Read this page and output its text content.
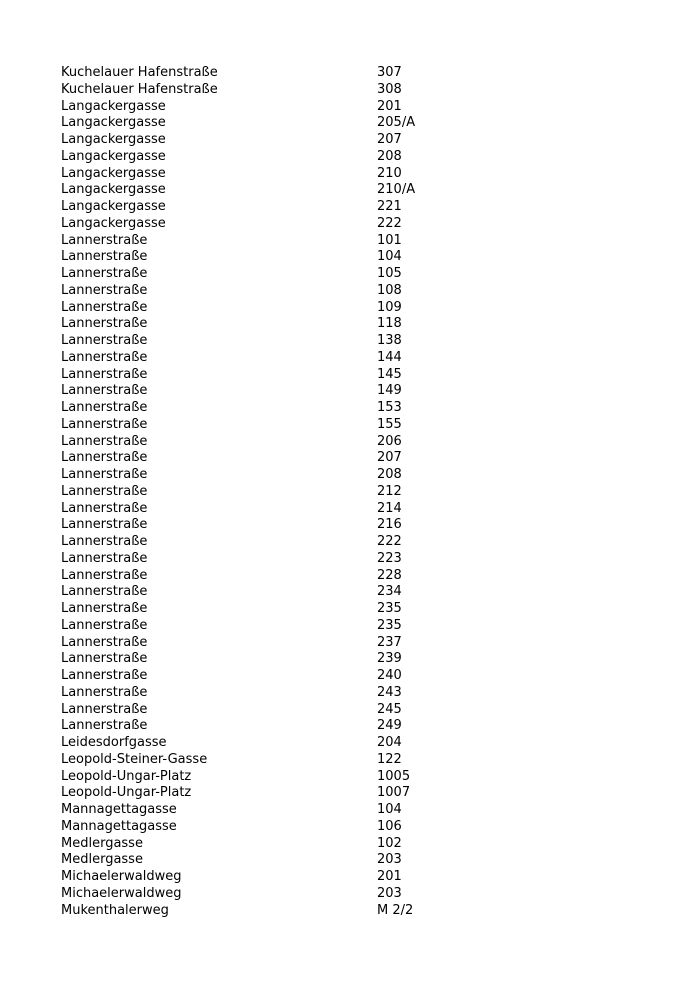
Kuchelauer Hafenstraße	307
Kuchelauer Hafenstraße	308
Langackergasse	201
Langackergasse	205/A
Langackergasse	207
Langackergasse	208
Langackergasse	210
Langackergasse	210/A
Langackergasse	221
Langackergasse	222
Lannerstraße	101
Lannerstraße	104
Lannerstraße	105
Lannerstraße	108
Lannerstraße	109
Lannerstraße	118
Lannerstraße	138
Lannerstraße	144
Lannerstraße	145
Lannerstraße	149
Lannerstraße	153
Lannerstraße	155
Lannerstraße	206
Lannerstraße	207
Lannerstraße	208
Lannerstraße	212
Lannerstraße	214
Lannerstraße	216
Lannerstraße	222
Lannerstraße	223
Lannerstraße	228
Lannerstraße	234
Lannerstraße	235
Lannerstraße	235
Lannerstraße	237
Lannerstraße	239
Lannerstraße	240
Lannerstraße	243
Lannerstraße	245
Lannerstraße	249
Leidesdorfgasse	204
Leopold-Steiner-Gasse	122
Leopold-Ungar-Platz	1005
Leopold-Ungar-Platz	1007
Mannagettagasse	104
Mannagettagasse	106
Medlergasse	102
Medlergasse	203
Michaelerwaldweg	201
Michaelerwaldweg	203
Mukenthalerweg	M 2/2
